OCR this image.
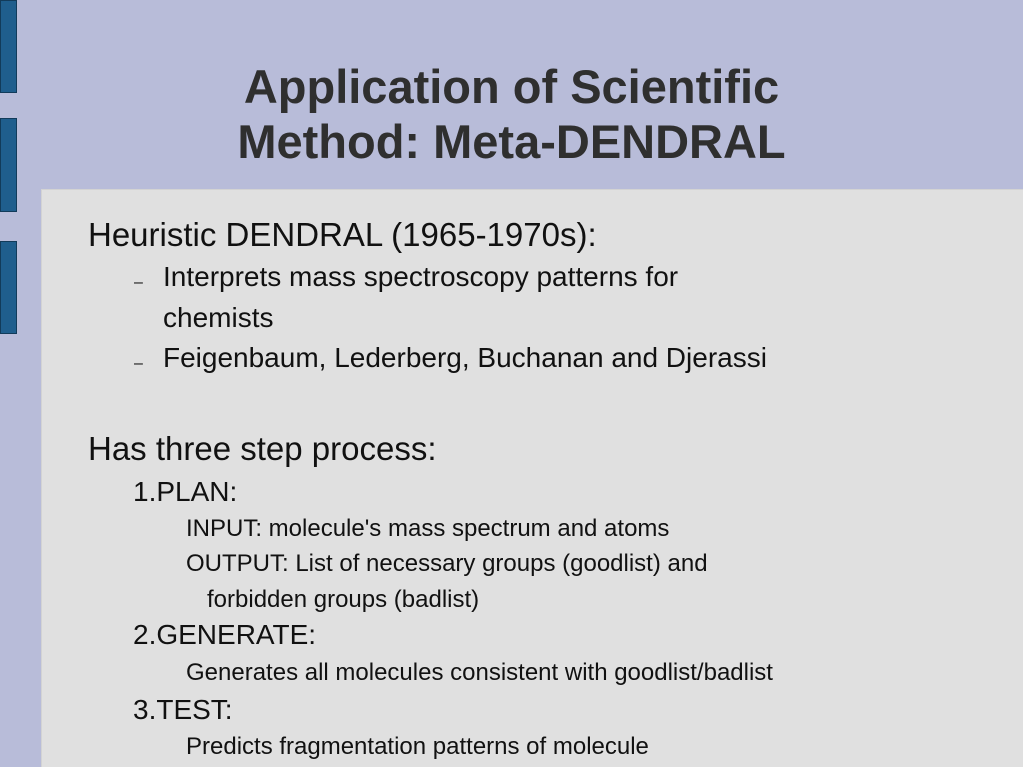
Application of Scientific
Method: Meta-DENDRAL
Heuristic DENDRAL (1965-1970s):
– Interprets mass spectroscopy patterns for
chemists
– Feigenbaum, Lederberg, Buchanan and Djerassi
Has three step process:
1.PLAN:
INPUT: molecule's mass spectrum and atoms
OUTPUT: List of necessary groups (goodlist) and
forbidden groups (badlist)
2.GENERATE:
Generates all molecules consistent with goodlist/badlist
3.TEST:
Predicts fragmentation patterns of molecule
